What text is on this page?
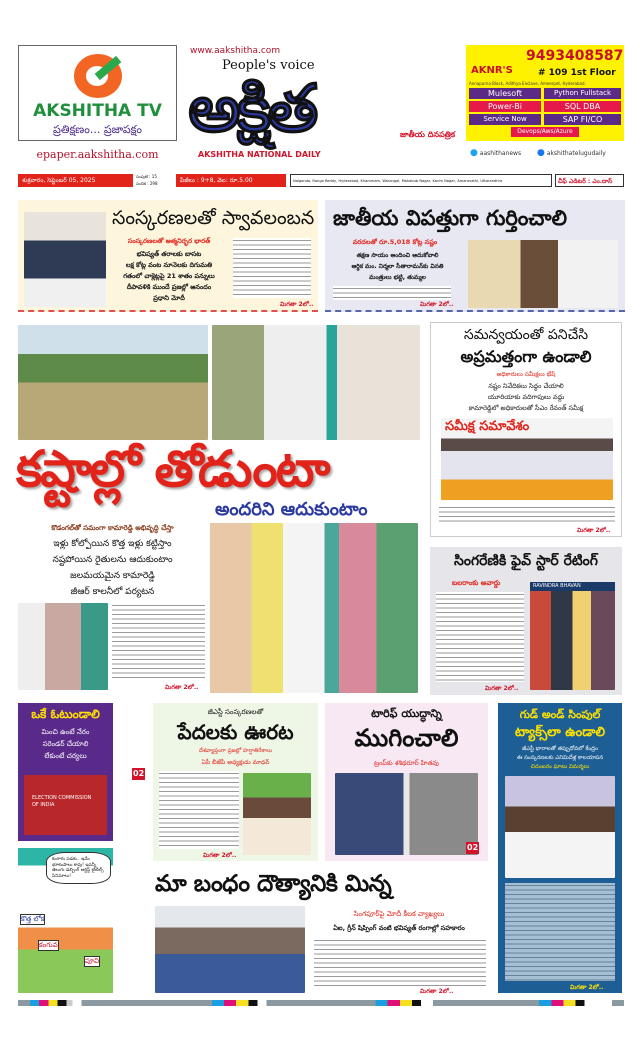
AKSHITHA TV
ప్రతిక్షణం... ప్రజాపక్షం
epaper.aakshitha.com
www.aakshitha.com
People's voice
అక్షిత	జాతీయ దినపత్రిక
AKSHITHA NATIONAL DAILY
AKNR'S
9493408587
# 109 1st Floor
Annapurna Block, Adithya Enclave, Ameerpet, Hyderabad.
Mulesoft	Python Fullstack
Power-Bi	SQL DBA
Service Now	SAP FI/CO
Devops/Aws/Azure
● aashithanews ● akshithatelugudaily
శుక్రవారం, సెప్టెంబర్ 05, 2025
సంపుటి : 15
సంచిక : 298	పేజీలు : 9+8, వెల: రూ.5.00	Nalgonda, Ranga Reddy, Hyderabad, Khammam, Warangal, Mahabub Nagar, Karim Nagar, Amaravathi, Uttarandhra	చీఫ్ ఎడిటర్ : ఎం.దాస్
సంస్కరణలతో స్వావలంబన
సంస్కరణలతో ఆత్మనిర్భర భారత్
భవిష్యత్ తరాలకు బాసట
లక్ష కోట్ల వంట నూనెలకు దిగుమతి
గతంలో చాక్లెట్లపై 21 శాతం పన్నులు
దీపావళికి ముందే ప్రజల్లో ఆనందం
ప్రధాని మోదీ
మిగతా 2లో..
జాతీయ విపత్తుగా గుర్తించాలి
వరదలతో రూ.5,018 కోట్ల నష్టం
తక్షణ సాయం అందించి ఆదుకోవాలి
ఆర్థిక మం. నిర్మలా సీతారామన్‌కు వినతి
మంత్రులు భట్టి, తుమ్మల
మిగతా 2లో..
కష్టాల్లో తోడుంటా
అందరిని ఆదుకుంటాం
కొడంగల్‌తో సమంగా కామారెడ్డి అభివృద్ధి చేస్తా
ఇళ్లు కోల్పోయిన కొత్త ఇళ్లు కట్టిస్తాం
నష్టపోయిన రైతులను ఆదుకుంటాం
జలమయమైన కామారెడ్డి
జీఆర్ కాలనీలో పర్యటన
మిగతా 2లో..
సమన్వయంతో పనిచేసి
అప్రమత్తంగా ఉండాలి
అధికారులు సమీక్షలు భేష్
నష్టం నివేదికలు సిద్ధం చేయాలి
యూరియాకు వదిగాపులు వద్దు
కామారెడ్డిలో అధికారులతో సీఎం రేవంత్ సమీక్ష
సమీక్ష సమావేశం
మిగతా 2లో..
సింగరేణికి ఫైవ్ స్టార్ రేటింగ్
బలరాంకు అవార్డు
మిగతా 2లో..
RAVINDRA BHAVAN
ఒకే ఓటుండాలి
మించి ఉంటే నేరం
సరెండర్ చేయాలి
లేకుంటే చర్యలు
ELECTION COMMISSION OF INDIA
02
కంగారు పడకు.. ఇవేం భూకంపాలు కావు! ఇవన్నీ తెలుగు డబ్బింగ్ ఆర్టిస్ట్ టైటిల్స్ సినిమాలు!
కొత్త లోక
కంగువ
పూవి
జీఎస్టీ సంస్కరణలతో
పేదలకు ఊరట
దేశవ్యాప్తంగా ప్రజల్లో హర్షాతిరేకాలు
ఏపీ బీజేపీ అధ్యక్షుడు మాధవ్
మిగతా 2లో..
టారిఫ్ యుద్ధాన్ని
ముగించాలి
ట్రంప్‌కు శశిథరూర్ హితవు
02
గుడ్ అండ్ సింపుల్
ట్యాక్స్‌లా ఉండాలి
జీఎస్టీ భారాలతో తప్పుదోవలో కేంద్రం
ఈ సంస్కరణలకు ఎనిమిదేళ్ల కాలయాపన
చిదంబరం ఘాటు విమర్శలు
మిగతా 2లో..
మా బంధం దౌత్యానికి మిన్న
సింగపూర్‌పై మోదీ కీలక వ్యాఖ్యలు
ఏఐ, గ్రీన్ షిప్పింగ్ వంటి భవిష్యత్ రంగాల్లో సహకారం
మిగతా 2లో..
